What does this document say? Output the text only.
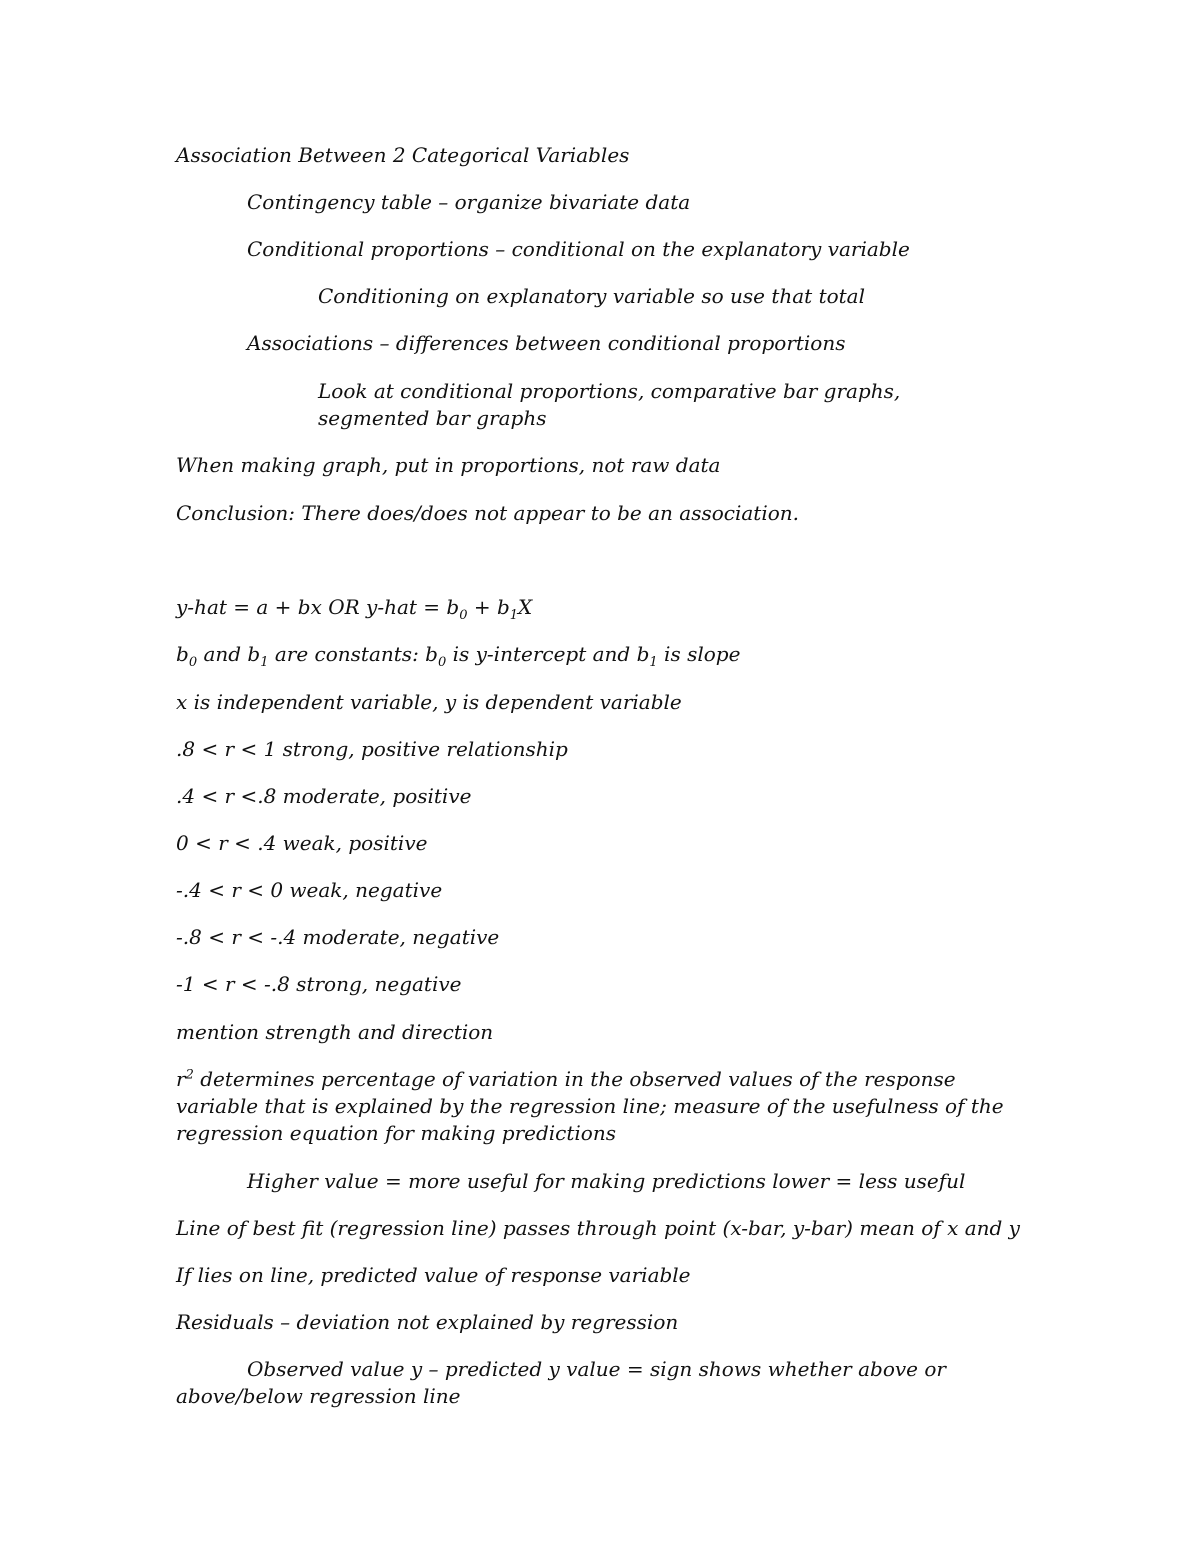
Association Between 2 Categorical Variables
Contingency table – organize bivariate data
Conditional proportions – conditional on the explanatory variable
Conditioning on explanatory variable so use that total
Associations – differences between conditional proportions
Look at conditional proportions, comparative bar graphs, segmented bar graphs
When making graph, put in proportions, not raw data
Conclusion: There does/does not appear to be an association.
y-hat = a + bx OR $y-hat = b_0 + b_1X$
$b_0$ and $b_1$ are constants: $b_0$ is y-intercept and $b_1$ is slope
x is independent variable, y is dependent variable
.8 < r < 1 strong, positive relationship
.4 < r <.8 moderate, positive
0 < r < .4 weak, positive
-.4 < r < 0 weak, negative
-.8 < r < -.4 moderate, negative
-1 < r < -.8 strong, negative
mention strength and direction
$r^2$ determines percentage of variation in the observed values of the response variable that is explained by the regression line; measure of the usefulness of the regression equation for making predictions
Higher value = more useful for making predictions lower = less useful
Line of best fit (regression line) passes through point (x-bar, y-bar) mean of x and y
If lies on line, predicted value of response variable
Residuals – deviation not explained by regression
Observed value y – predicted y value = sign shows whether above or
above/below regression line
